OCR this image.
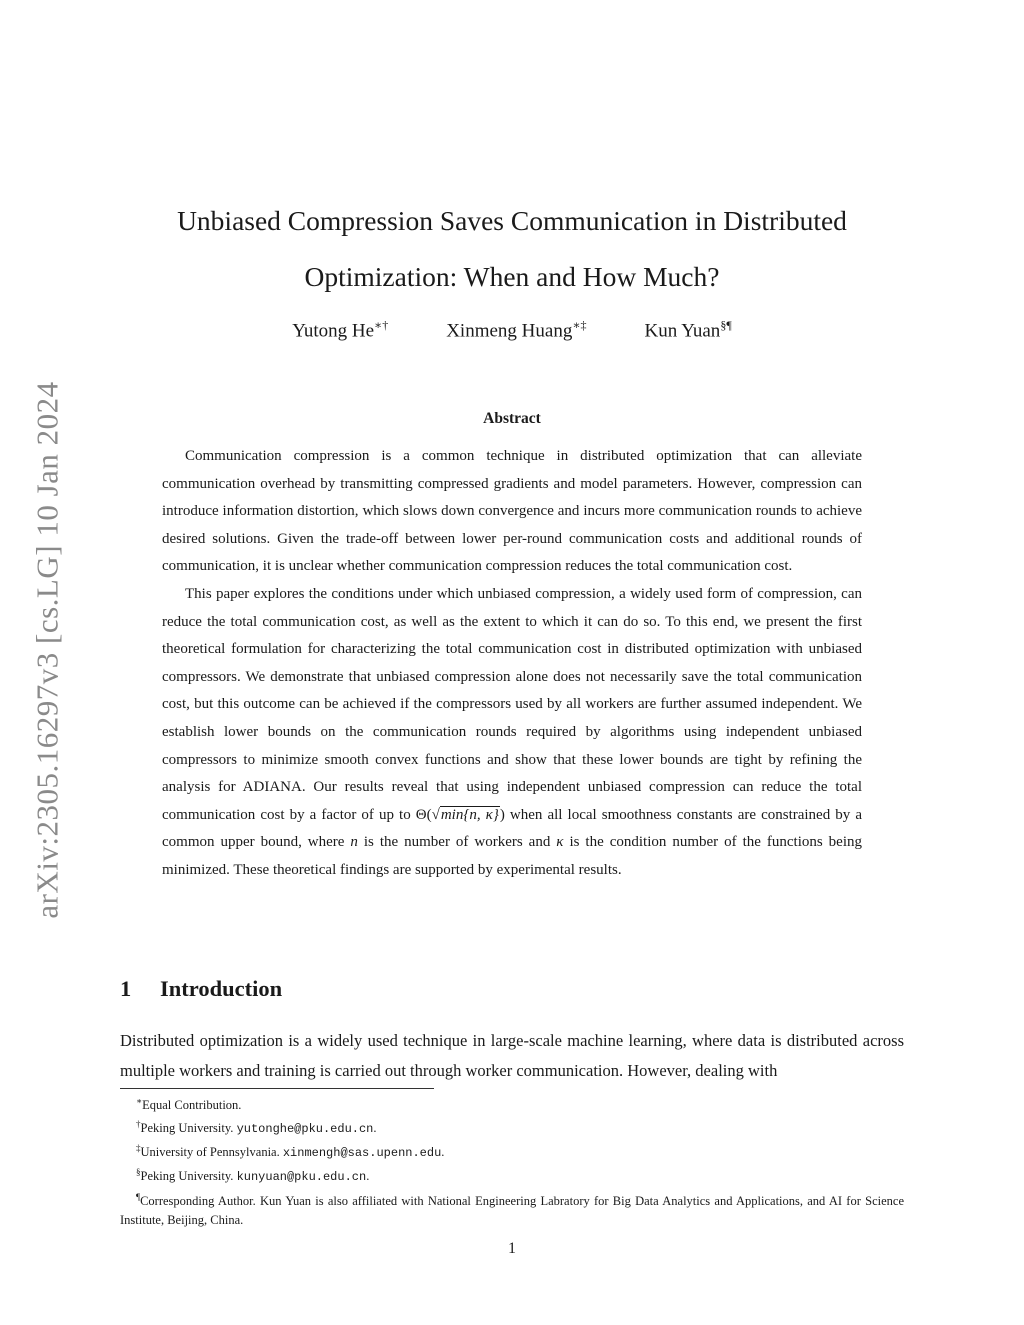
arXiv:2305.16297v3 [cs.LG] 10 Jan 2024
Unbiased Compression Saves Communication in Distributed
Optimization: When and How Much?
Yutong He∗†	Xinmeng Huang∗‡	Kun Yuan§¶
Abstract

Communication compression is a common technique in distributed optimization that can alleviate communication overhead by transmitting compressed gradients and model parameters. However, compression can introduce information distortion, which slows down convergence and incurs more communication rounds to achieve desired solutions. Given the trade-off between lower per-round communication costs and additional rounds of communication, it is unclear whether communication compression reduces the total communication cost.

This paper explores the conditions under which unbiased compression, a widely used form of compression, can reduce the total communication cost, as well as the extent to which it can do so. To this end, we present the first theoretical formulation for characterizing the total communication cost in distributed optimization with unbiased compressors. We demonstrate that unbiased compression alone does not necessarily save the total communication cost, but this outcome can be achieved if the compressors used by all workers are further assumed independent. We establish lower bounds on the communication rounds required by algorithms using independent unbiased compressors to minimize smooth convex functions and show that these lower bounds are tight by refining the analysis for ADIANA. Our results reveal that using independent unbiased compression can reduce the total communication cost by a factor of up to Θ(√min{n, κ}) when all local smoothness constants are constrained by a common upper bound, where n is the number of workers and κ is the condition number of the functions being minimized. These theoretical findings are supported by experimental results.

1 Introduction

Distributed optimization is a widely used technique in large-scale machine learning, where data is distributed across multiple workers and training is carried out through worker communication. However, dealing with

∗Equal Contribution.

†Peking University. yutonghe@pku.edu.cn.

‡University of Pennsylvania. xinmengh@sas.upenn.edu.

§Peking University. kunyuan@pku.edu.cn.

¶Corresponding Author. Kun Yuan is also affiliated with National Engineering Labratory for Big Data Analytics and Applications, and AI for Science Institute, Beijing, China.

1
